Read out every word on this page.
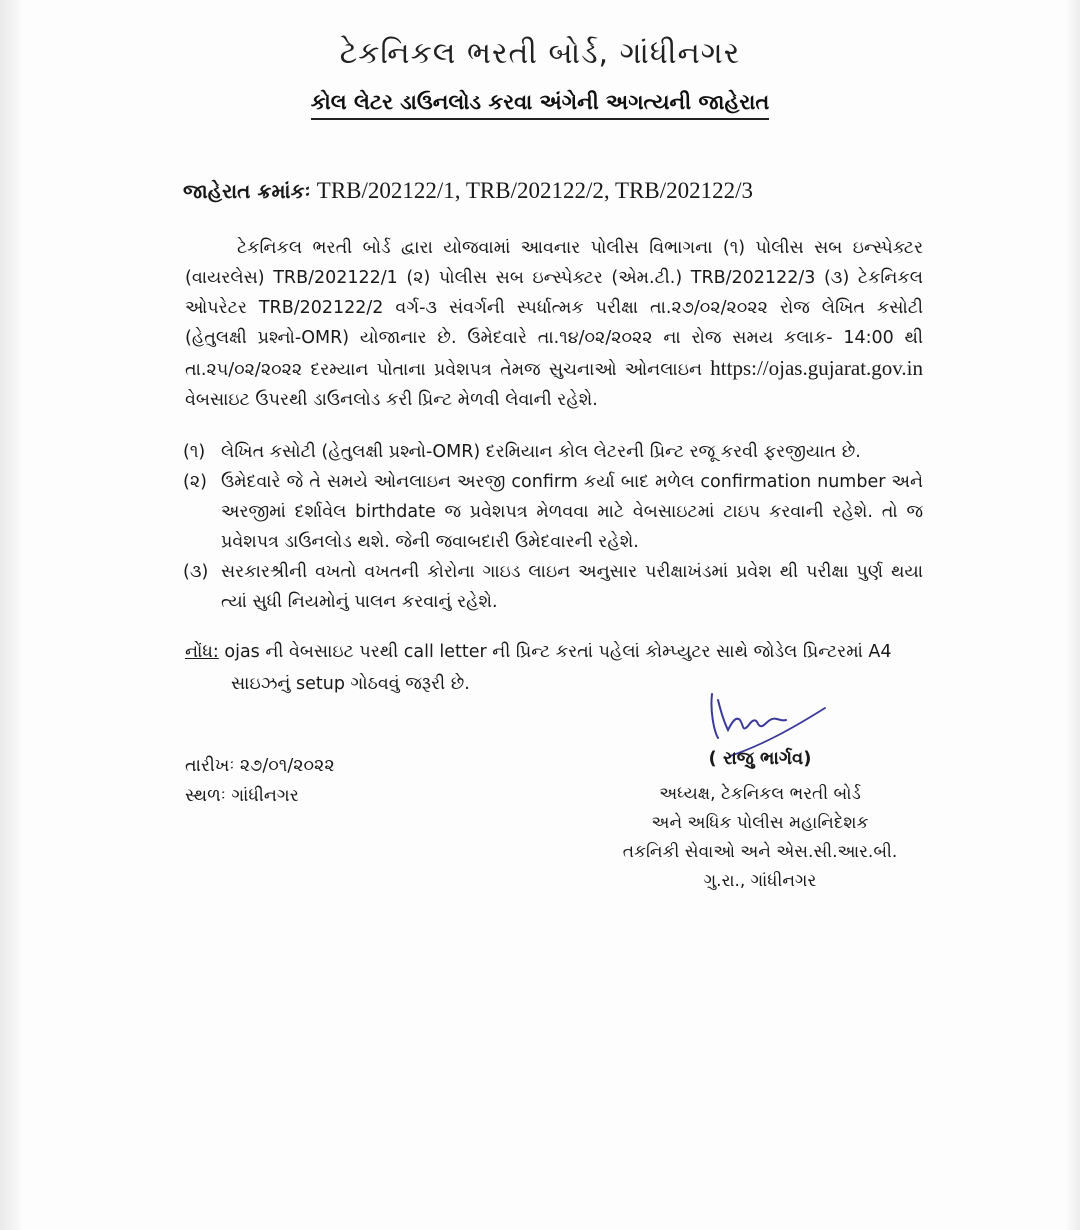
ટેકનિકલ ભરતી બોર્ડ, ગાંધીનગર
કોલ લેટર ડાઉનલોડ કરવા અંગેની અગત્યની જાહેરાત
જાહેરાત ક્રમાંકઃ TRB/202122/1, TRB/202122/2, TRB/202122/3
ટેકનિકલ ભરતી બોર્ડ દ્વારા યોજવામાં આવનાર પોલીસ વિભાગના (૧) પોલીસ સબ ઇન્સ્પેક્ટર (વાયરલેસ) TRB/202122/1 (૨) પોલીસ સબ ઇન્સ્પેક્ટર (એમ.ટી.) TRB/202122/3 (૩) ટેકનિકલ ઓપરેટર TRB/202122/2 વર્ગ-૩ સંવર્ગની સ્પર્ધાત્મક પરીક્ષા તા.૨૭/૦૨/૨૦૨૨ રોજ લેખિત કસોટી (હેતુલક્ષી પ્રશ્નો-OMR) યોજાનાર છે. ઉમેદવારે તા.૧૪/૦૨/૨૦૨૨ ના રોજ સમય કલાક- 14:00 થી તા.૨૫/૦૨/૨૦૨૨ દરમ્યાન પોતાના પ્રવેશપત્ર તેમજ સુચનાઓ ઓનલાઇન https://ojas.gujarat.gov.in વેબસાઇટ ઉપરથી ડાઉનલોડ કરી પ્રિન્ટ મેળવી લેવાની રહેશે.
(૧) લેખિત કસોટી (હેતુલક્ષી પ્રશ્નો-OMR) દરમિયાન કોલ લેટરની પ્રિન્ટ રજૂ કરવી ફરજીયાત છે.
(૨) ઉમેદવારે જે તે સમયે ઓનલાઇન અરજી confirm કર્યા બાદ મળેલ confirmation number અને અરજીમાં દર્શાવેલ birthdate જ પ્રવેશપત્ર મેળવવા માટે વેબસાઇટમાં ટાઇપ કરવાની રહેશે. તો જ પ્રવેશપત્ર ડાઉનલોડ થશે. જેની જવાબદારી ઉમેદવારની રહેશે.
(૩) સરકારશ્રીની વખતો વખતની કોરોના ગાઇડ લાઇન અનુસાર પરીક્ષાખંડમાં પ્રવેશ થી પરીક્ષા પુર્ણ થયા ત્યાં સુધી નિયમોનું પાલન કરવાનું રહેશે.
નોંધ: ojas ની વેબસાઇટ પરથી call letter ની પ્રિન્ટ કરતાં પહેલાં કોમ્પ્યુટર સાથે જોડેલ પ્રિન્ટરમાં A4
સાઇઝનું setup ગોઠવવું જરૂરી છે.
તારીખઃ ૨૭/૦૧/૨૦૨૨
સ્થળઃ ગાંધીનગર
( રાજુ ભાર્ગવ)
અધ્યક્ષ, ટેકનિકલ ભરતી બોર્ડ
અને અધિક પોલીસ મહાનિદેશક
તકનિકી સેવાઓ અને એસ.સી.આર.બી.
ગુ.રા., ગાંધીનગર
